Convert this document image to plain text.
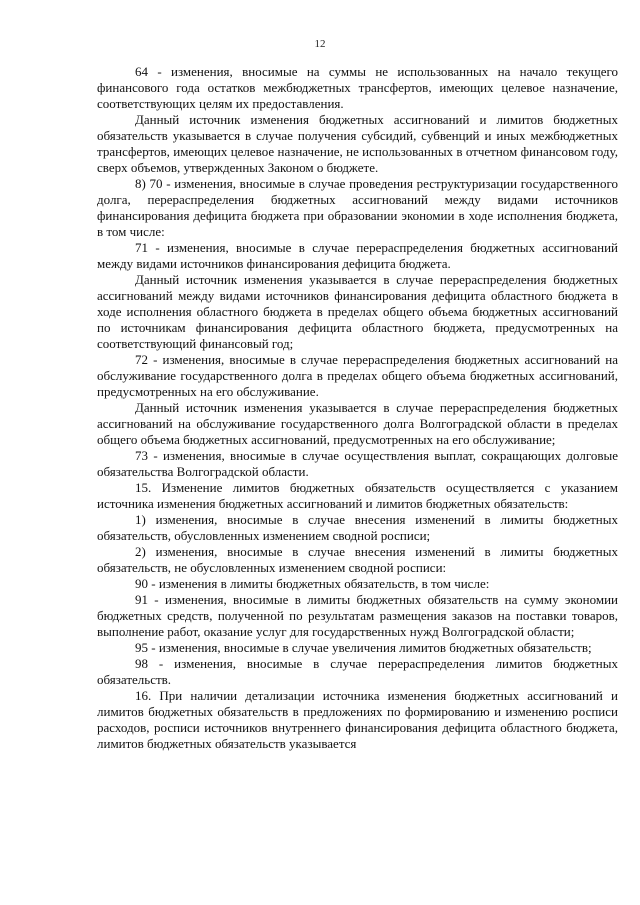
12

64 - изменения, вносимые на суммы не использованных на начало текущего финансового года остатков межбюджетных трансфертов, имеющих целевое назначение, соответствующих целям их предоставления.

Данный источник изменения бюджетных ассигнований и лимитов бюджетных обязательств указывается в случае получения субсидий, субвенций и иных межбюджетных трансфертов, имеющих целевое назначение, не использованных в отчетном финансовом году, сверх объемов, утвержденных Законом о бюджете.

8) 70 - изменения, вносимые в случае проведения реструктуризации государственного долга, перераспределения бюджетных ассигнований между видами источников финансирования дефицита бюджета при образовании экономии в ходе исполнения бюджета, в том числе:

71 - изменения, вносимые в случае перераспределения бюджетных ассигнований между видами источников финансирования дефицита бюджета.

Данный источник изменения указывается в случае перераспределения бюджетных ассигнований между видами источников финансирования дефицита областного бюджета в ходе исполнения областного бюджета в пределах общего объема бюджетных ассигнований по источникам финансирования дефицита областного бюджета, предусмотренных на соответствующий финансовый год;

72 - изменения, вносимые в случае перераспределения бюджетных ассигнований на обслуживание государственного долга в пределах общего объема бюджетных ассигнований, предусмотренных на его обслуживание.

Данный источник изменения указывается в случае перераспределения бюджетных ассигнований на обслуживание государственного долга Волгоградской области в пределах общего объема бюджетных ассигнований, предусмотренных на его обслуживание;

73 - изменения, вносимые в случае осуществления выплат, сокращающих долговые обязательства Волгоградской области.

15. Изменение лимитов бюджетных обязательств осуществляется с указанием источника изменения бюджетных ассигнований и лимитов бюджетных обязательств:

1) изменения, вносимые в случае внесения изменений в лимиты бюджетных обязательств, обусловленных изменением сводной росписи;

2) изменения, вносимые в случае внесения изменений в лимиты бюджетных обязательств, не обусловленных изменением сводной росписи:

90 - изменения в лимиты бюджетных обязательств, в том числе:

91 - изменения, вносимые в лимиты бюджетных обязательств на сумму экономии бюджетных средств, полученной по результатам размещения заказов на поставки товаров, выполнение работ, оказание услуг для государственных нужд Волгоградской области;

95 - изменения, вносимые в случае увеличения лимитов бюджетных обязательств;

98 - изменения, вносимые в случае перераспределения лимитов бюджетных обязательств.

16. При наличии детализации источника изменения бюджетных ассигнований и лимитов бюджетных обязательств в предложениях по формированию и изменению росписи расходов, росписи источников внутреннего финансирования дефицита областного бюджета, лимитов бюджетных обязательств указывается
